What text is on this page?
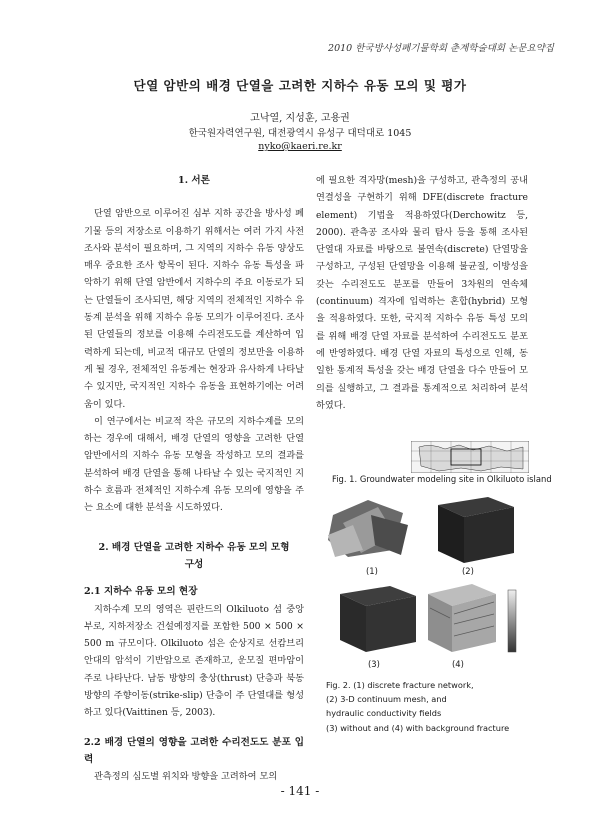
2010 한국방사성폐기물학회 춘계학술대회 논문요약집
단열 암반의 배경 단열을 고려한 지하수 유동 모의 및 평가
고낙열, 지성훈, 고용권
한국원자력연구원, 대전광역시 유성구 대덕대로 1045
nyko@kaeri.re.kr
1. 서론

단열 암반으로 이루어진 심부 지하 공간을 방사성 폐기물 등의 저장소로 이용하기 위해서는 여러 가지 사전 조사와 분석이 필요하며, 그 지역의 지하수 유동 양상도 매우 중요한 조사 항목이 된다. 지하수 유동 특성을 파악하기 위해 단열 암반에서 지하수의 주요 이동로가 되는 단열들이 조사되면, 해당 지역의 전체적인 지하수 유동계 분석을 위해 지하수 유동 모의가 이루어진다. 조사된 단열들의 정보를 이용해 수리전도도를 계산하여 입력하게 되는데, 비교적 대규모 단열의 정보만을 이용하게 될 경우, 전체적인 유동계는 현장과 유사하게 나타날 수 있지만, 국지적인 지하수 유동을 표현하기에는 어려움이 있다.

이 연구에서는 비교적 작은 규모의 지하수계를 모의하는 경우에 대해서, 배경 단열의 영향을 고려한 단열 암반에서의 지하수 유동 모형을 작성하고 모의 결과를 분석하여 배경 단열을 통해 나타날 수 있는 국지적인 지하수 흐름과 전체적인 지하수계 유동 모의에 영향을 주는 요소에 대한 분석을 시도하였다.

2. 배경 단열을 고려한 지하수 유동 모의 모형 구성
2.1 지하수 유동 모의 현장

지하수계 모의 영역은 핀란드의 Olkiluoto 섬 중앙부로, 지하저장소 건설예정지를 포함한 500 × 500 × 500 m 규모이다. Olkiluoto 섬은 순상지로 선캄브리안대의 암석이 기반암으로 존재하고, 운모질 편마암이 주로 나타난다. 남동 방향의 충상(thrust) 단층과 북동 방향의 주향이동(strike-slip) 단층이 주 단열대를 형성하고 있다(Vaittinen 등, 2003).

2.2 배경 단열의 영향을 고려한 수리전도도 분포 입력

관측정의 심도별 위치와 방향을 고려하여 모의

에 필요한 격자망(mesh)을 구성하고, 관측정의 공내 연결성을 구현하기 위해 DFE(discrete fracture element) 기법을 적용하였다(Derchowitz 등, 2000). 관측공 조사와 물리 탐사 등을 통해 조사된 단열대 자료를 바탕으로 불연속(discrete) 단열망을 구성하고, 구성된 단열망을 이용해 불균질, 이방성을 갖는 수리전도도 분포를 만들어 3차원의 연속체(continuum) 격자에 입력하는 혼합(hybrid) 모형을 적용하였다. 또한, 국지적 지하수 유동 특성 모의를 위해 배경 단열 자료를 분석하여 수리전도도 분포에 반영하였다. 배경 단열 자료의 특성으로 인해, 동일한 통계적 특성을 갖는 배경 단열을 다수 만들어 모의를 실행하고, 그 결과를 통계적으로 처리하여 분석하였다.

Fig. 1. Groundwater modeling site in Olkiluoto island
(1)	(2)
(3)	(4)
Fig. 2. (1) discrete fracture network,
(2) 3-D continuum mesh, and
hydraulic conductivity fields
(3) without and (4) with background fracture
- 141 -
